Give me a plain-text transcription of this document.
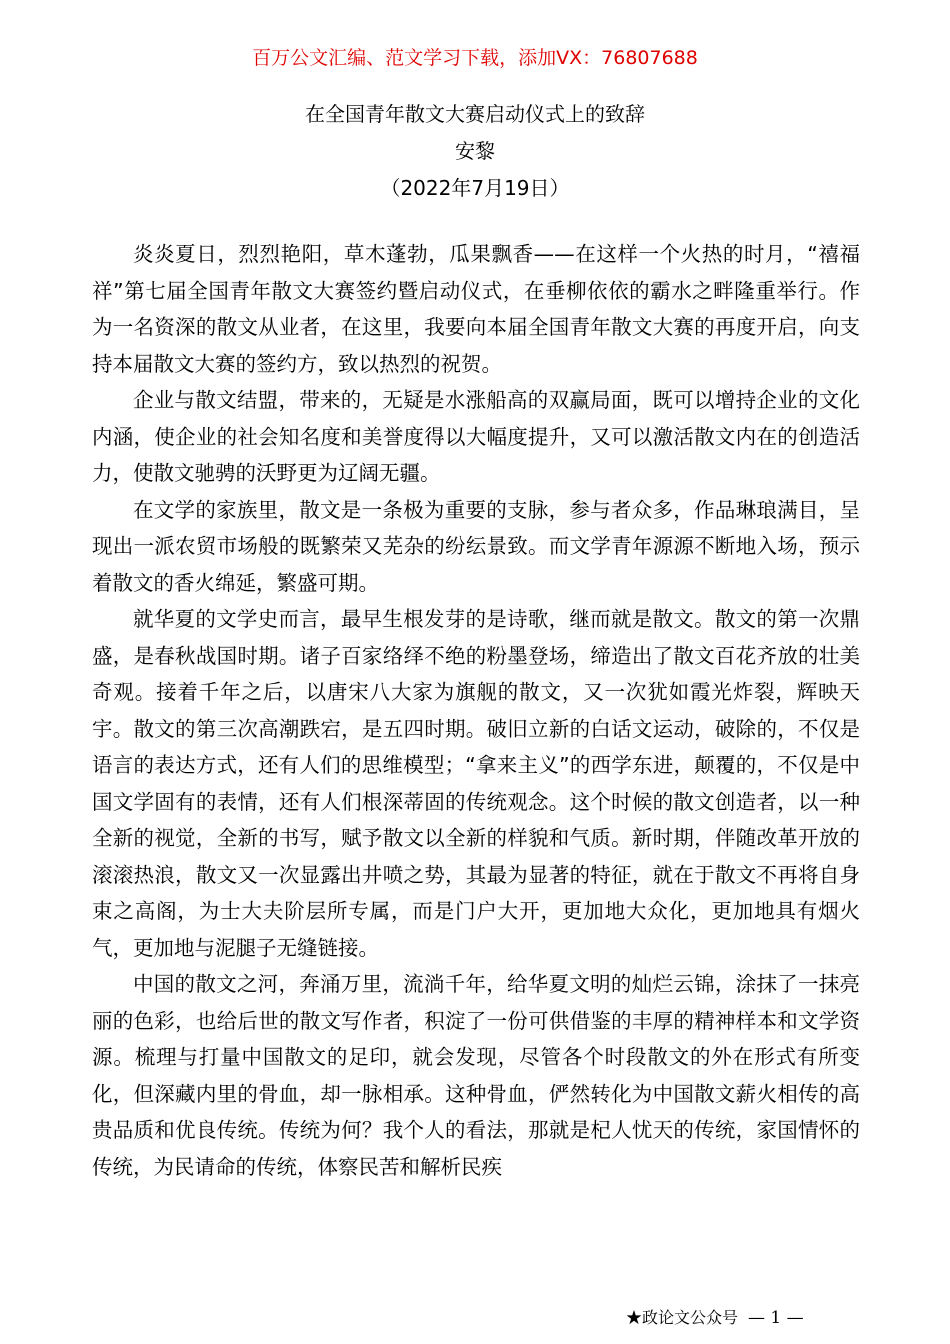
百万公文汇编、范文学习下载，添加VX：76807688
在全国青年散文大赛启动仪式上的致辞
安黎
（2022年7月19日）

炎炎夏日，烈烈艳阳，草木蓬勃，瓜果飘香——在这样一个火热的时月，“禧福祥”第七届全国青年散文大赛签约暨启动仪式，在垂柳依依的霸水之畔隆重举行。作为一名资深的散文从业者，在这里，我要向本届全国青年散文大赛的再度开启，向支持本届散文大赛的签约方，致以热烈的祝贺。

企业与散文结盟，带来的，无疑是水涨船高的双赢局面，既可以增持企业的文化内涵，使企业的社会知名度和美誉度得以大幅度提升，又可以激活散文内在的创造活力，使散文驰骋的沃野更为辽阔无疆。

在文学的家族里，散文是一条极为重要的支脉，参与者众多，作品琳琅满目，呈现出一派农贸市场般的既繁荣又芜杂的纷纭景致。而文学青年源源不断地入场，预示着散文的香火绵延，繁盛可期。

就华夏的文学史而言，最早生根发芽的是诗歌，继而就是散文。散文的第一次鼎盛，是春秋战国时期。诸子百家络绎不绝的粉墨登场，缔造出了散文百花齐放的壮美奇观。接着千年之后，以唐宋八大家为旗舰的散文，又一次犹如霞光炸裂，辉映天宇。散文的第三次高潮跌宕，是五四时期。破旧立新的白话文运动，破除的，不仅是语言的表达方式，还有人们的思维模型；“拿来主义”的西学东进，颠覆的，不仅是中国文学固有的表情，还有人们根深蒂固的传统观念。这个时候的散文创造者，以一种全新的视觉，全新的书写，赋予散文以全新的样貌和气质。新时期，伴随改革开放的滚滚热浪，散文又一次显露出井喷之势，其最为显著的特征，就在于散文不再将自身束之高阁，为士大夫阶层所专属，而是门户大开，更加地大众化，更加地具有烟火气，更加地与泥腿子无缝链接。

中国的散文之河，奔涌万里，流淌千年，给华夏文明的灿烂云锦，涂抹了一抹亮丽的色彩，也给后世的散文写作者，积淀了一份可供借鉴的丰厚的精神样本和文学资源。梳理与打量中国散文的足印，就会发现，尽管各个时段散文的外在形式有所变化，但深藏内里的骨血，却一脉相承。这种骨血，俨然转化为中国散文薪火相传的高贵品质和优良传统。传统为何？我个人的看法，那就是杞人忧天的传统，家国情怀的传统，为民请命的传统，体察民苦和解析民疾

★政论文公众号 — 1 —
